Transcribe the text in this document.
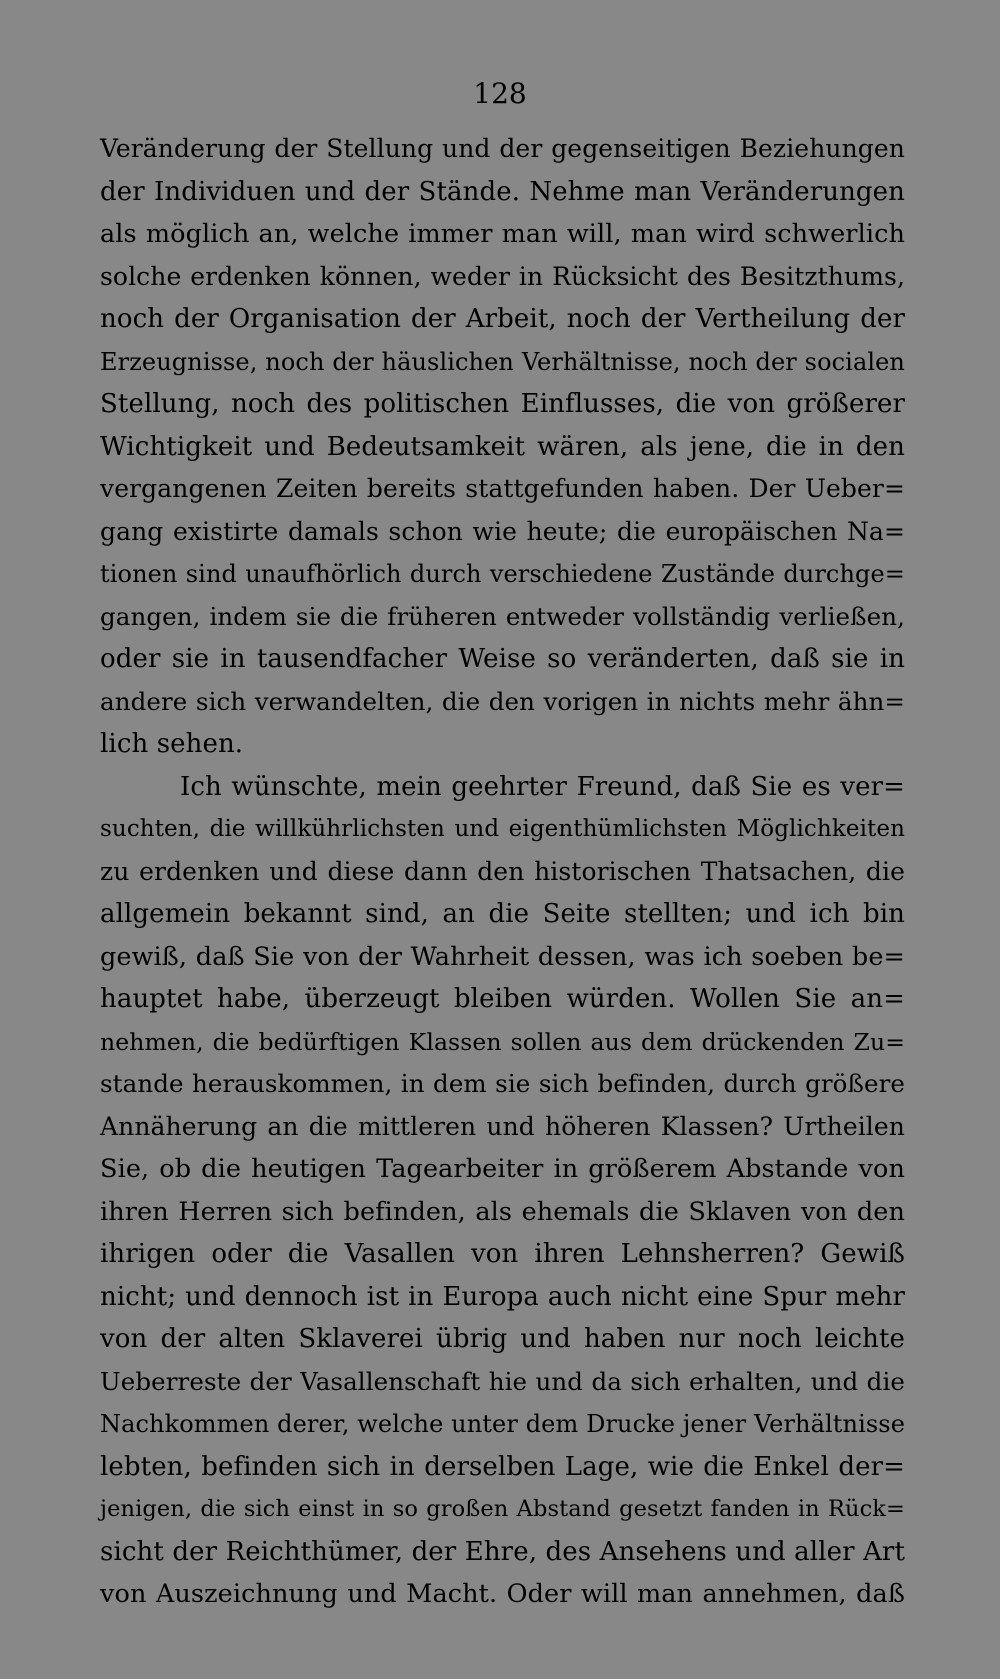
128
Veränderung der Stellung und der gegenseitigen Beziehungen
der Individuen und der Stände. Nehme man Veränderungen
als möglich an, welche immer man will, man wird schwerlich
solche erdenken können, weder in Rücksicht des Besitzthums,
noch der Organisation der Arbeit, noch der Vertheilung der
Erzeugnisse, noch der häuslichen Verhältnisse, noch der socialen
Stellung, noch des politischen Einflusses, die von größerer
Wichtigkeit und Bedeutsamkeit wären, als jene, die in den
vergangenen Zeiten bereits stattgefunden haben. Der Ueber=
gang existirte damals schon wie heute; die europäischen Na=
tionen sind unaufhörlich durch verschiedene Zustände durchge=
gangen, indem sie die früheren entweder vollständig verließen,
oder sie in tausendfacher Weise so veränderten, daß sie in
andere sich verwandelten, die den vorigen in nichts mehr ähn=
lich sehen.
Ich wünschte, mein geehrter Freund, daß Sie es ver=
suchten, die willkührlichsten und eigenthümlichsten Möglichkeiten
zu erdenken und diese dann den historischen Thatsachen, die
allgemein bekannt sind, an die Seite stellten; und ich bin
gewiß, daß Sie von der Wahrheit dessen, was ich soeben be=
hauptet habe, überzeugt bleiben würden. Wollen Sie an=
nehmen, die bedürftigen Klassen sollen aus dem drückenden Zu=
stande herauskommen, in dem sie sich befinden, durch größere
Annäherung an die mittleren und höheren Klassen? Urtheilen
Sie, ob die heutigen Tagearbeiter in größerem Abstande von
ihren Herren sich befinden, als ehemals die Sklaven von den
ihrigen oder die Vasallen von ihren Lehnsherren? Gewiß
nicht; und dennoch ist in Europa auch nicht eine Spur mehr
von der alten Sklaverei übrig und haben nur noch leichte
Ueberreste der Vasallenschaft hie und da sich erhalten, und die
Nachkommen derer, welche unter dem Drucke jener Verhältnisse
lebten, befinden sich in derselben Lage, wie die Enkel der=
jenigen, die sich einst in so großen Abstand gesetzt fanden in Rück=
sicht der Reichthümer, der Ehre, des Ansehens und aller Art
von Auszeichnung und Macht. Oder will man annehmen, daß
